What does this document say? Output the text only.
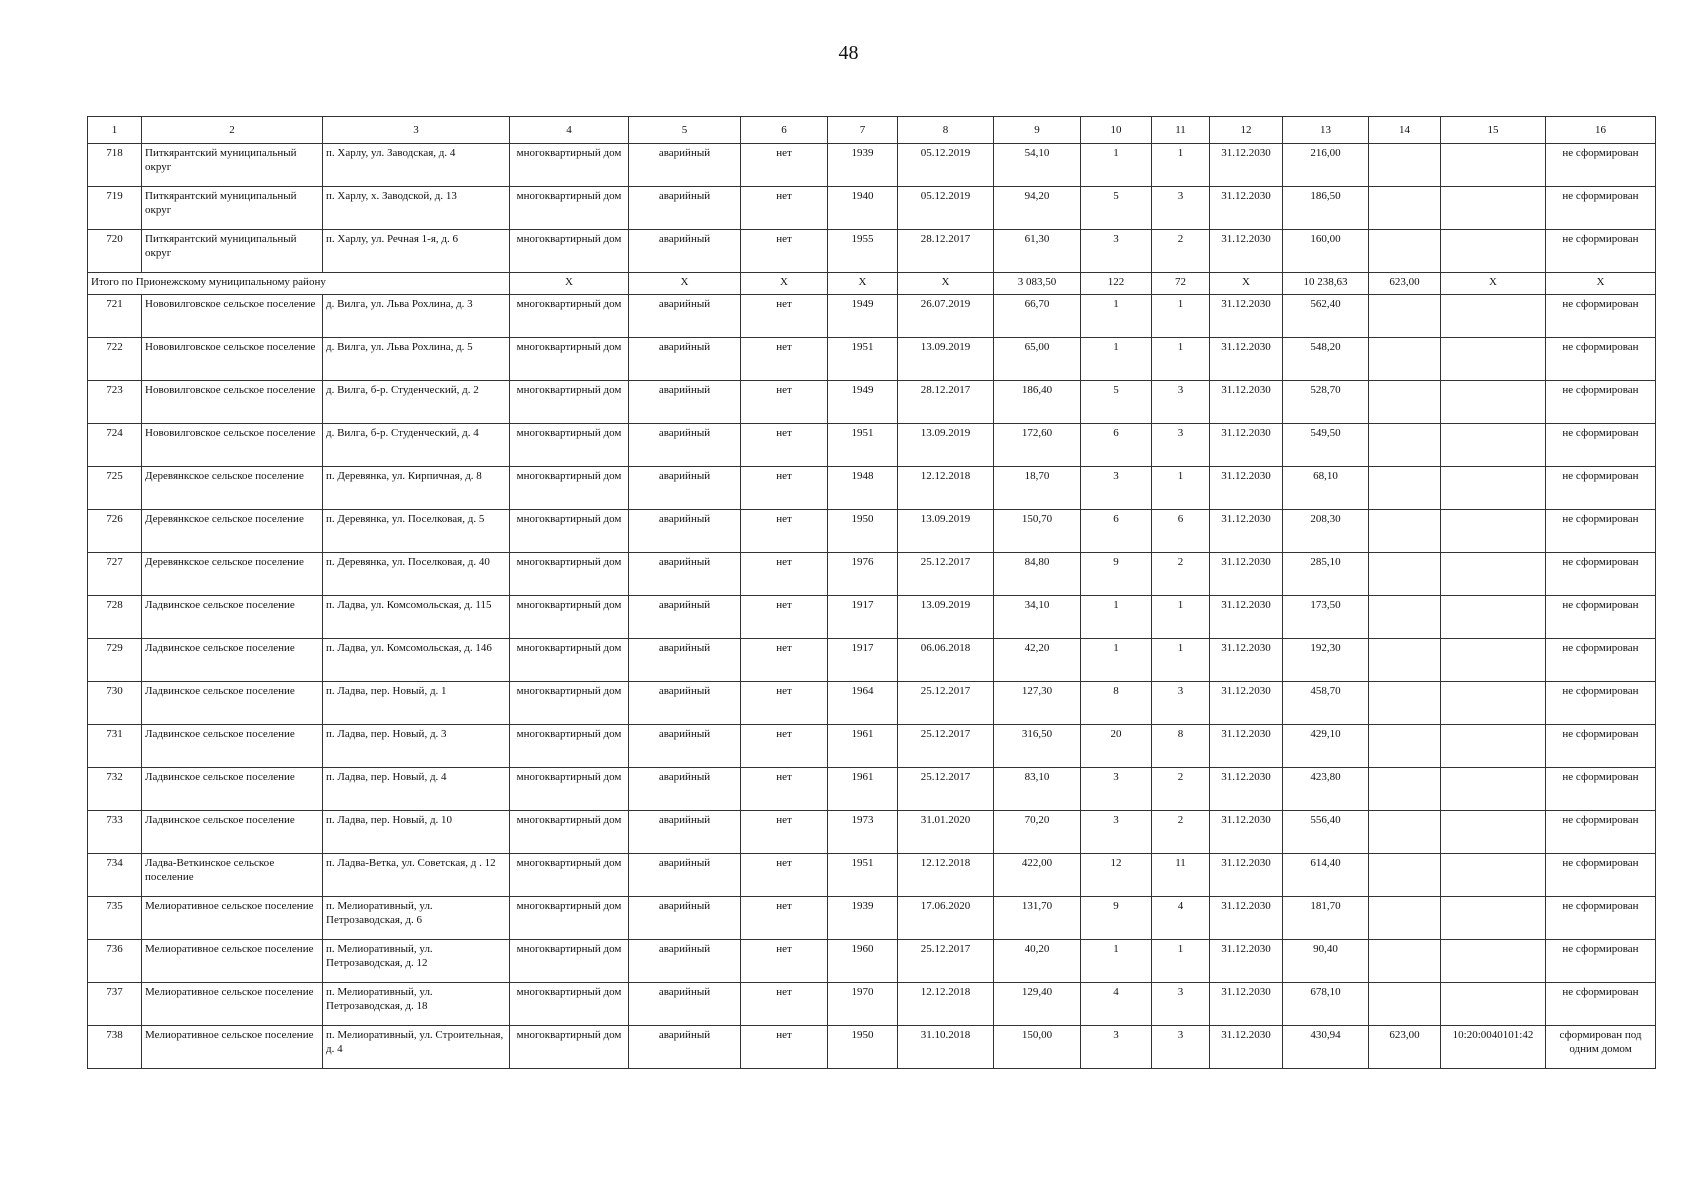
48
1	2	3	4	5	6	7	8	9	10	11	12	13	14	15	16
718	Питкярантский муниципальный округ	п. Харлу, ул. Заводская, д. 4	многоквартирный дом	аварийный	нет	1939	05.12.2019	54,10	1	1	31.12.2030	216,00			не сформирован
719	Питкярантский муниципальный округ	п. Харлу, х. Заводской, д. 13	многоквартирный дом	аварийный	нет	1940	05.12.2019	94,20	5	3	31.12.2030	186,50			не сформирован
720	Питкярантский муниципальный округ	п. Харлу, ул. Речная 1-я, д. 6	многоквартирный дом	аварийный	нет	1955	28.12.2017	61,30	3	2	31.12.2030	160,00			не сформирован
Итого по Прионежскому муниципальному району			X	X	X	X	X	3 083,50	122	72	X	10 238,63	623,00	X	X
721	Нововилговское сельское поселение	д. Вилга, ул. Льва Рохлина, д. 3	многоквартирный дом	аварийный	нет	1949	26.07.2019	66,70	1	1	31.12.2030	562,40			не сформирован
722	Нововилговское сельское поселение	д. Вилга, ул. Льва Рохлина, д. 5	многоквартирный дом	аварийный	нет	1951	13.09.2019	65,00	1	1	31.12.2030	548,20			не сформирован
723	Нововилговское сельское поселение	д. Вилга, б-р. Студенческий, д. 2	многоквартирный дом	аварийный	нет	1949	28.12.2017	186,40	5	3	31.12.2030	528,70			не сформирован
724	Нововилговское сельское поселение	д. Вилга, б-р. Студенческий, д. 4	многоквартирный дом	аварийный	нет	1951	13.09.2019	172,60	6	3	31.12.2030	549,50			не сформирован
725	Деревянкское сельское поселение	п. Деревянка, ул. Кирпичная, д. 8	многоквартирный дом	аварийный	нет	1948	12.12.2018	18,70	3	1	31.12.2030	68,10			не сформирован
726	Деревянкское сельское поселение	п. Деревянка, ул. Поселковая, д. 5	многоквартирный дом	аварийный	нет	1950	13.09.2019	150,70	6	6	31.12.2030	208,30			не сформирован
727	Деревянкское сельское поселение	п. Деревянка, ул. Поселковая, д. 40	многоквартирный дом	аварийный	нет	1976	25.12.2017	84,80	9	2	31.12.2030	285,10			не сформирован
728	Ладвинское сельское поселение	п. Ладва, ул. Комсомольская, д. 115	многоквартирный дом	аварийный	нет	1917	13.09.2019	34,10	1	1	31.12.2030	173,50			не сформирован
729	Ладвинское сельское поселение	п. Ладва, ул. Комсомольская, д. 146	многоквартирный дом	аварийный	нет	1917	06.06.2018	42,20	1	1	31.12.2030	192,30			не сформирован
730	Ладвинское сельское поселение	п. Ладва, пер. Новый, д. 1	многоквартирный дом	аварийный	нет	1964	25.12.2017	127,30	8	3	31.12.2030	458,70			не сформирован
731	Ладвинское сельское поселение	п. Ладва, пер. Новый, д. 3	многоквартирный дом	аварийный	нет	1961	25.12.2017	316,50	20	8	31.12.2030	429,10			не сформирован
732	Ладвинское сельское поселение	п. Ладва, пер. Новый, д. 4	многоквартирный дом	аварийный	нет	1961	25.12.2017	83,10	3	2	31.12.2030	423,80			не сформирован
733	Ладвинское сельское поселение	п. Ладва, пер. Новый, д. 10	многоквартирный дом	аварийный	нет	1973	31.01.2020	70,20	3	2	31.12.2030	556,40			не сформирован
734	Ладва-Веткинское сельское поселение	п. Ладва-Ветка, ул. Советская, д . 12	многоквартирный дом	аварийный	нет	1951	12.12.2018	422,00	12	11	31.12.2030	614,40			не сформирован
735	Мелиоративное сельское поселение	п. Мелиоративный, ул. Петрозаводская, д. 6	многоквартирный дом	аварийный	нет	1939	17.06.2020	131,70	9	4	31.12.2030	181,70			не сформирован
736	Мелиоративное сельское поселение	п. Мелиоративный, ул. Петрозаводская, д. 12	многоквартирный дом	аварийный	нет	1960	25.12.2017	40,20	1	1	31.12.2030	90,40			не сформирован
737	Мелиоративное сельское поселение	п. Мелиоративный, ул. Петрозаводская, д. 18	многоквартирный дом	аварийный	нет	1970	12.12.2018	129,40	4	3	31.12.2030	678,10			не сформирован
738	Мелиоративное сельское поселение	п. Мелиоративный, ул. Строительная, д. 4	многоквартирный дом	аварийный	нет	1950	31.10.2018	150,00	3	3	31.12.2030	430,94	623,00	10:20:0040101:42	сформирован под одним домом
